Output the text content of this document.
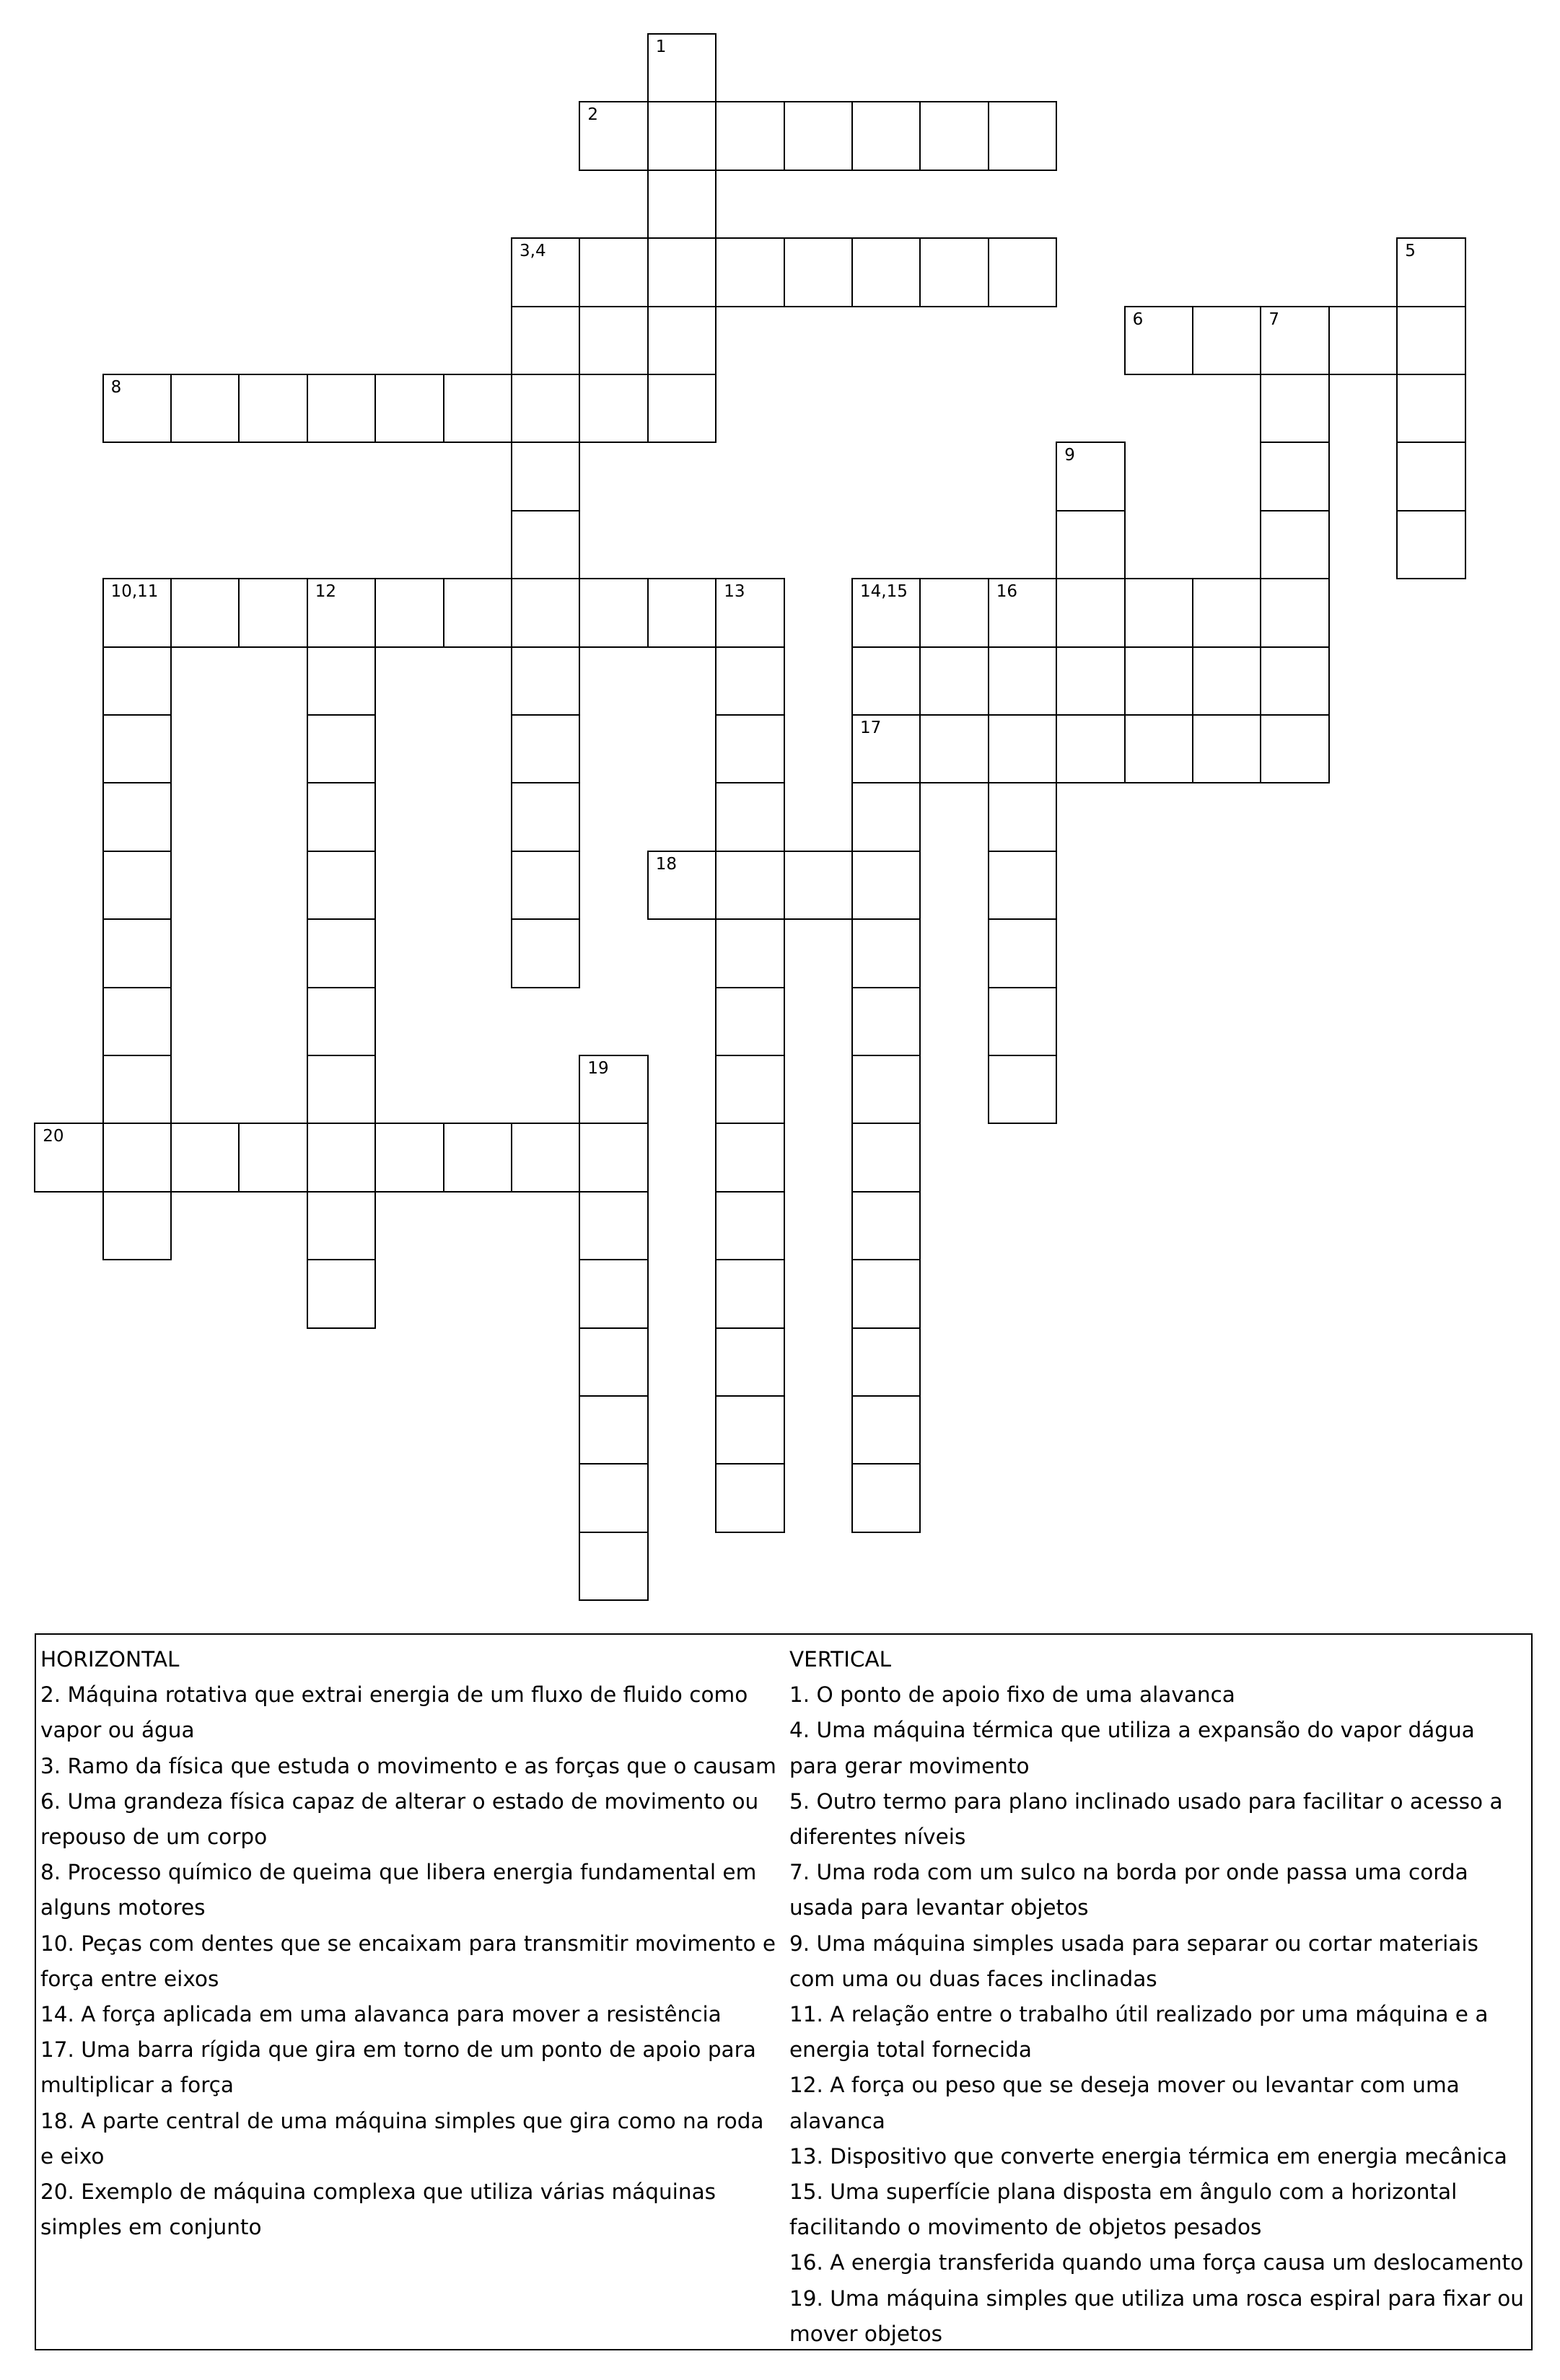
1
2
3,4	5
6	7
8
9
10,11	12	13	14,15	16
17
18
19
20
HORIZONTAL
2. Máquina rotativa que extrai energia de um fluxo de fluido como vapor ou água
3. Ramo da física que estuda o movimento e as forças que o causam
6. Uma grandeza física capaz de alterar o estado de movimento ou repouso de um corpo
8. Processo químico de queima que libera energia fundamental em alguns motores
10. Peças com dentes que se encaixam para transmitir movimento e força entre eixos
14. A força aplicada em uma alavanca para mover a resistência
17. Uma barra rígida que gira em torno de um ponto de apoio para multiplicar a força
18. A parte central de uma máquina simples que gira como na roda e eixo
20. Exemplo de máquina complexa que utiliza várias máquinas simples em conjunto
VERTICAL
1. O ponto de apoio fixo de uma alavanca
4. Uma máquina térmica que utiliza a expansão do vapor dágua para gerar movimento
5. Outro termo para plano inclinado usado para facilitar o acesso a diferentes níveis
7. Uma roda com um sulco na borda por onde passa uma corda usada para levantar objetos
9. Uma máquina simples usada para separar ou cortar materiais com uma ou duas faces inclinadas
11. A relação entre o trabalho útil realizado por uma máquina e a energia total fornecida
12. A força ou peso que se deseja mover ou levantar com uma alavanca
13. Dispositivo que converte energia térmica em energia mecânica
15. Uma superfície plana disposta em ângulo com a horizontal facilitando o movimento de objetos pesados
16. A energia transferida quando uma força causa um deslocamento
19. Uma máquina simples que utiliza uma rosca espiral para fixar ou mover objetos
